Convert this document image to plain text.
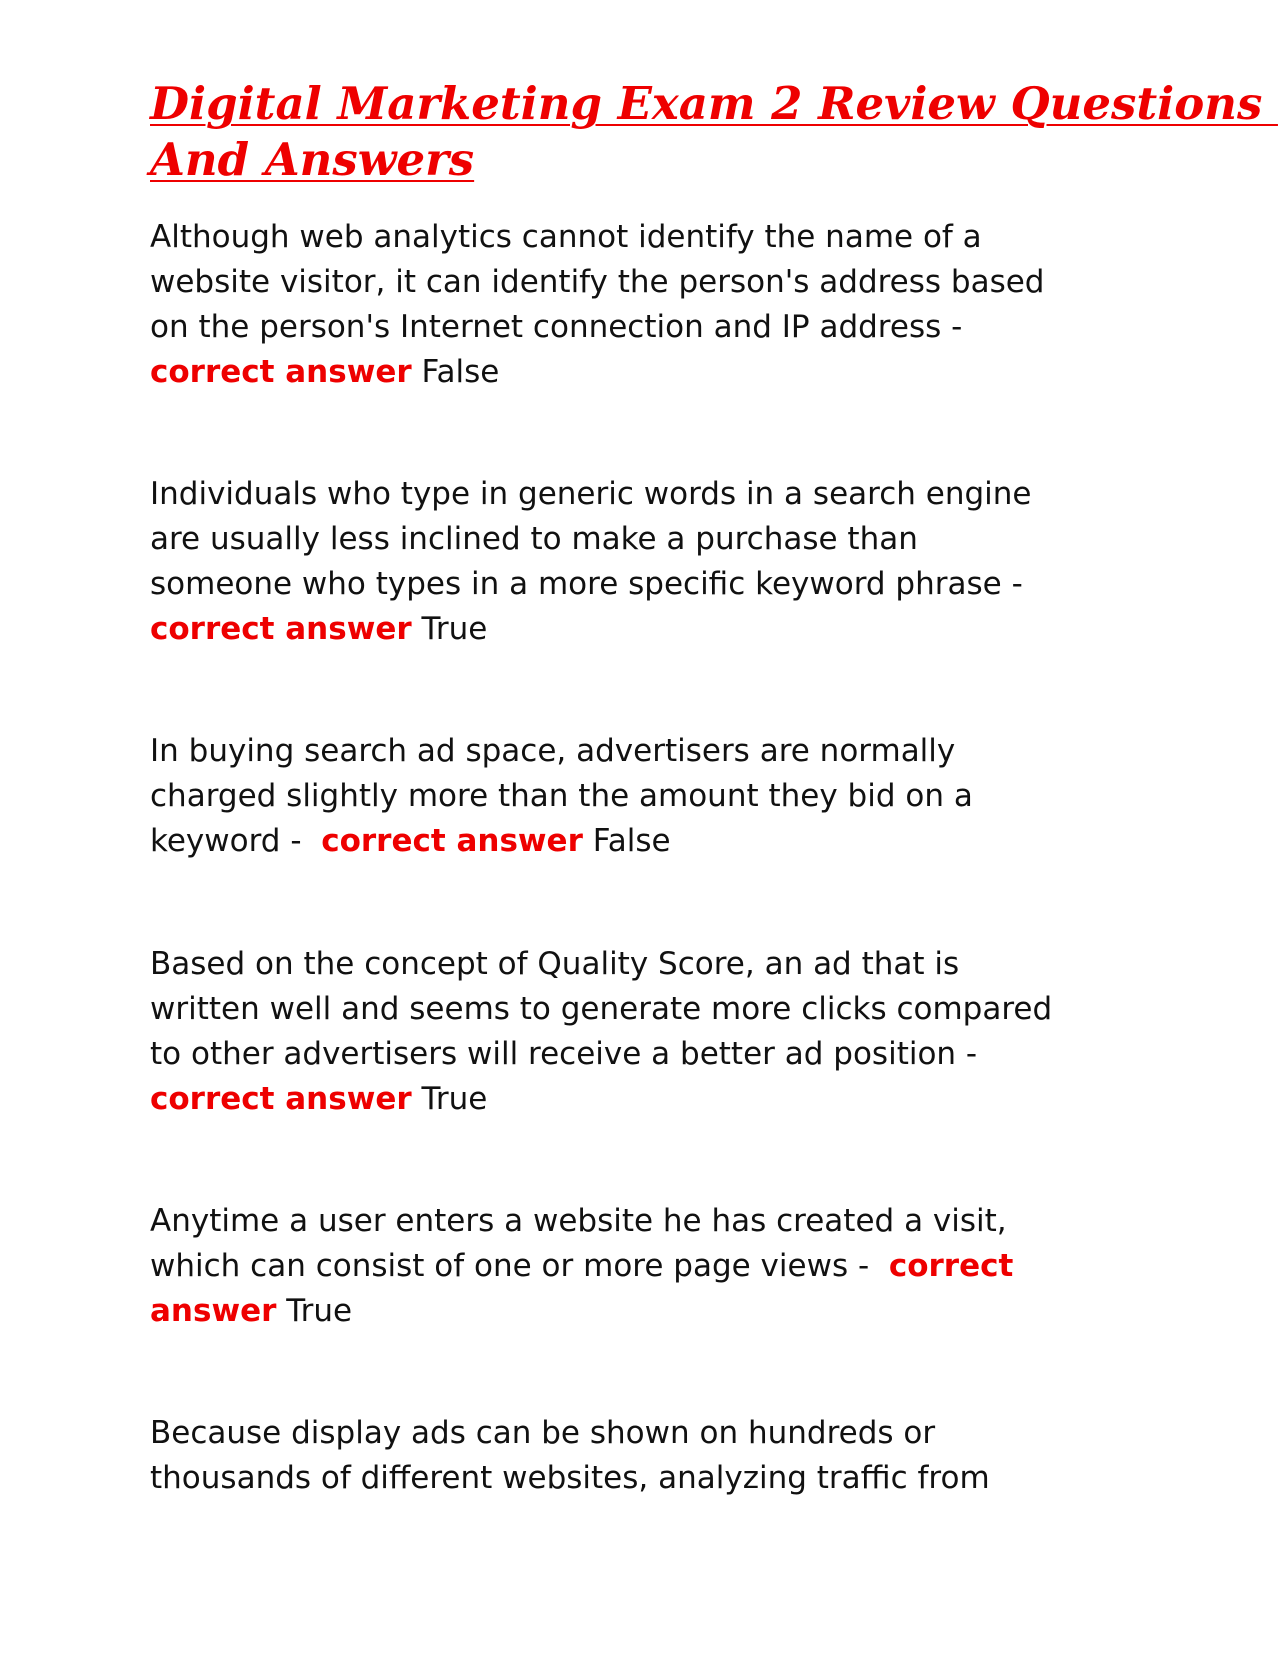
Digital Marketing Exam 2 Review Questions
And Answers
Although web analytics cannot identify the name of a
website visitor, it can identify the person's address based
on the person's Internet connection and IP address -
correct answer False
Individuals who type in generic words in a search engine
are usually less inclined to make a purchase than
someone who types in a more specific keyword phrase -
correct answer True
In buying search ad space, advertisers are normally
charged slightly more than the amount they bid on a
keyword -  correct answer False
Based on the concept of Quality Score, an ad that is
written well and seems to generate more clicks compared
to other advertisers will receive a better ad position -
correct answer True
Anytime a user enters a website he has created a visit,
which can consist of one or more page views -  correct
answer True
Because display ads can be shown on hundreds or
thousands of different websites, analyzing traffic from
